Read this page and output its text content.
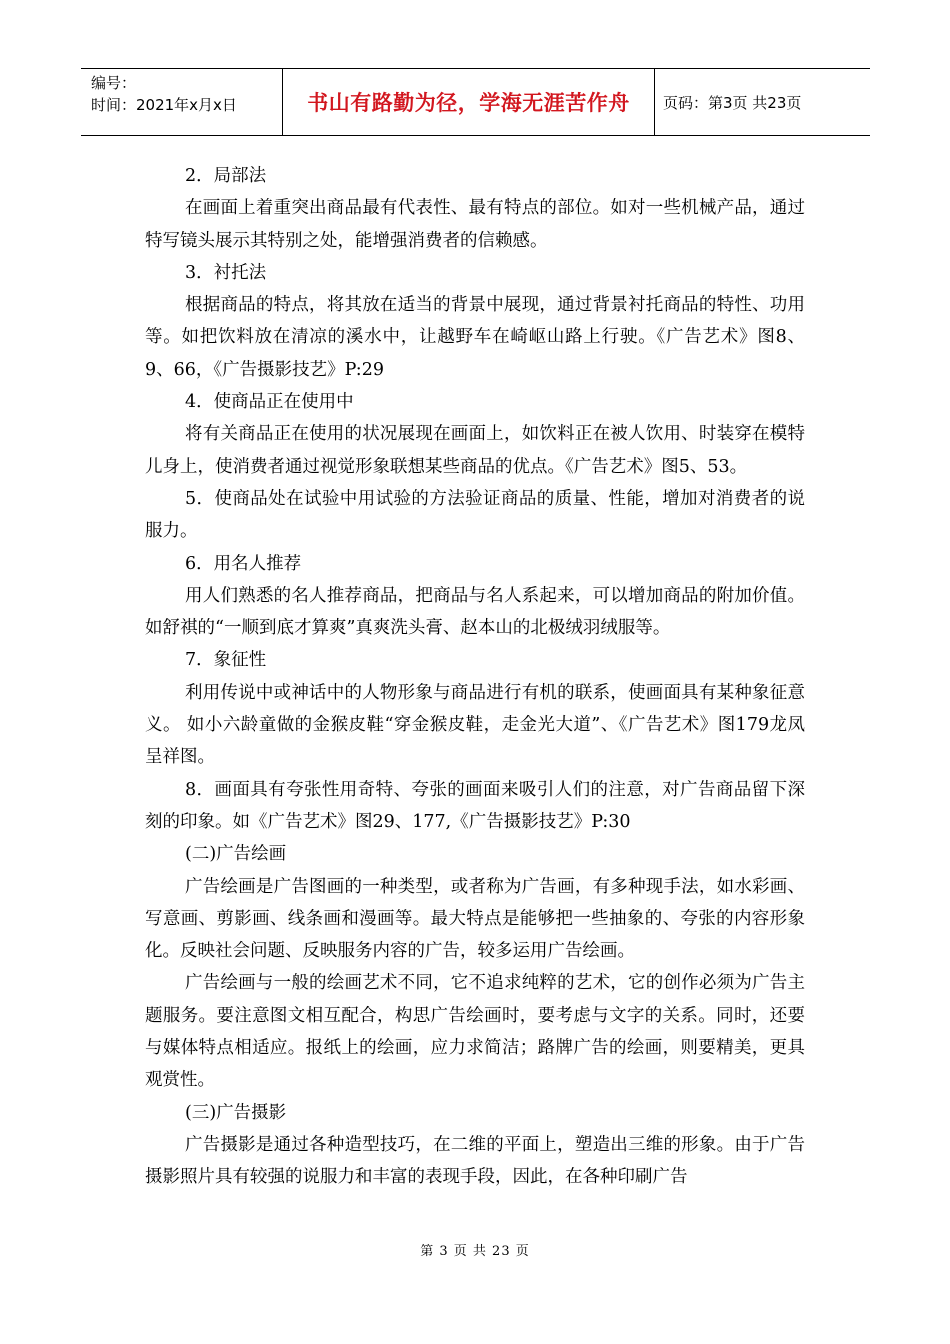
编号：
时间：2021年x月x日	书山有路勤为径，学海无涯苦作舟	页码：第3页 共23页

2．局部法

在画面上着重突出商品最有代表性、最有特点的部位。如对一些机械产品，通过特写镜头展示其特别之处，能增强消费者的信赖感。

3．衬托法

根据商品的特点，将其放在适当的背景中展现，通过背景衬托商品的特性、功用等。如把饮料放在清凉的溪水中，让越野车在崎岖山路上行驶。《广告艺术》图8、9、66，《广告摄影技艺》P:29

4．使商品正在使用中

将有关商品正在使用的状况展现在画面上，如饮料正在被人饮用、时装穿在模特儿身上，使消费者通过视觉形象联想某些商品的优点。《广告艺术》图5、53。

5．使商品处在试验中用试验的方法验证商品的质量、性能，增加对消费者的说服力。

6．用名人推荐

用人们熟悉的名人推荐商品，把商品与名人系起来，可以增加商品的附加价值。如舒祺的“一顺到底才算爽”真爽洗头膏、赵本山的北极绒羽绒服等。

7．象征性

利用传说中或神话中的人物形象与商品进行有机的联系，使画面具有某种象征意义。 如小六龄童做的金猴皮鞋“穿金猴皮鞋，走金光大道”、《广告艺术》图179龙凤呈祥图。

8．画面具有夸张性用奇特、夸张的画面来吸引人们的注意，对广告商品留下深刻的印象。如《广告艺术》图29、177,《广告摄影技艺》P:30

(二)广告绘画

广告绘画是广告图画的一种类型，或者称为广告画，有多种现手法，如水彩画、写意画、剪影画、线条画和漫画等。最大特点是能够把一些抽象的、夸张的内容形象化。反映社会问题、反映服务内容的广告，较多运用广告绘画。

广告绘画与一般的绘画艺术不同，它不追求纯粹的艺术，它的创作必须为广告主题服务。要注意图文相互配合，构思广告绘画时，要考虑与文字的关系。同时，还要与媒体特点相适应。报纸上的绘画，应力求简洁；路牌广告的绘画，则要精美，更具观赏性。

(三)广告摄影

广告摄影是通过各种造型技巧，在二维的平面上，塑造出三维的形象。由于广告摄影照片具有较强的说服力和丰富的表现手段，因此，在各种印刷广告

第 3 页 共 23 页
